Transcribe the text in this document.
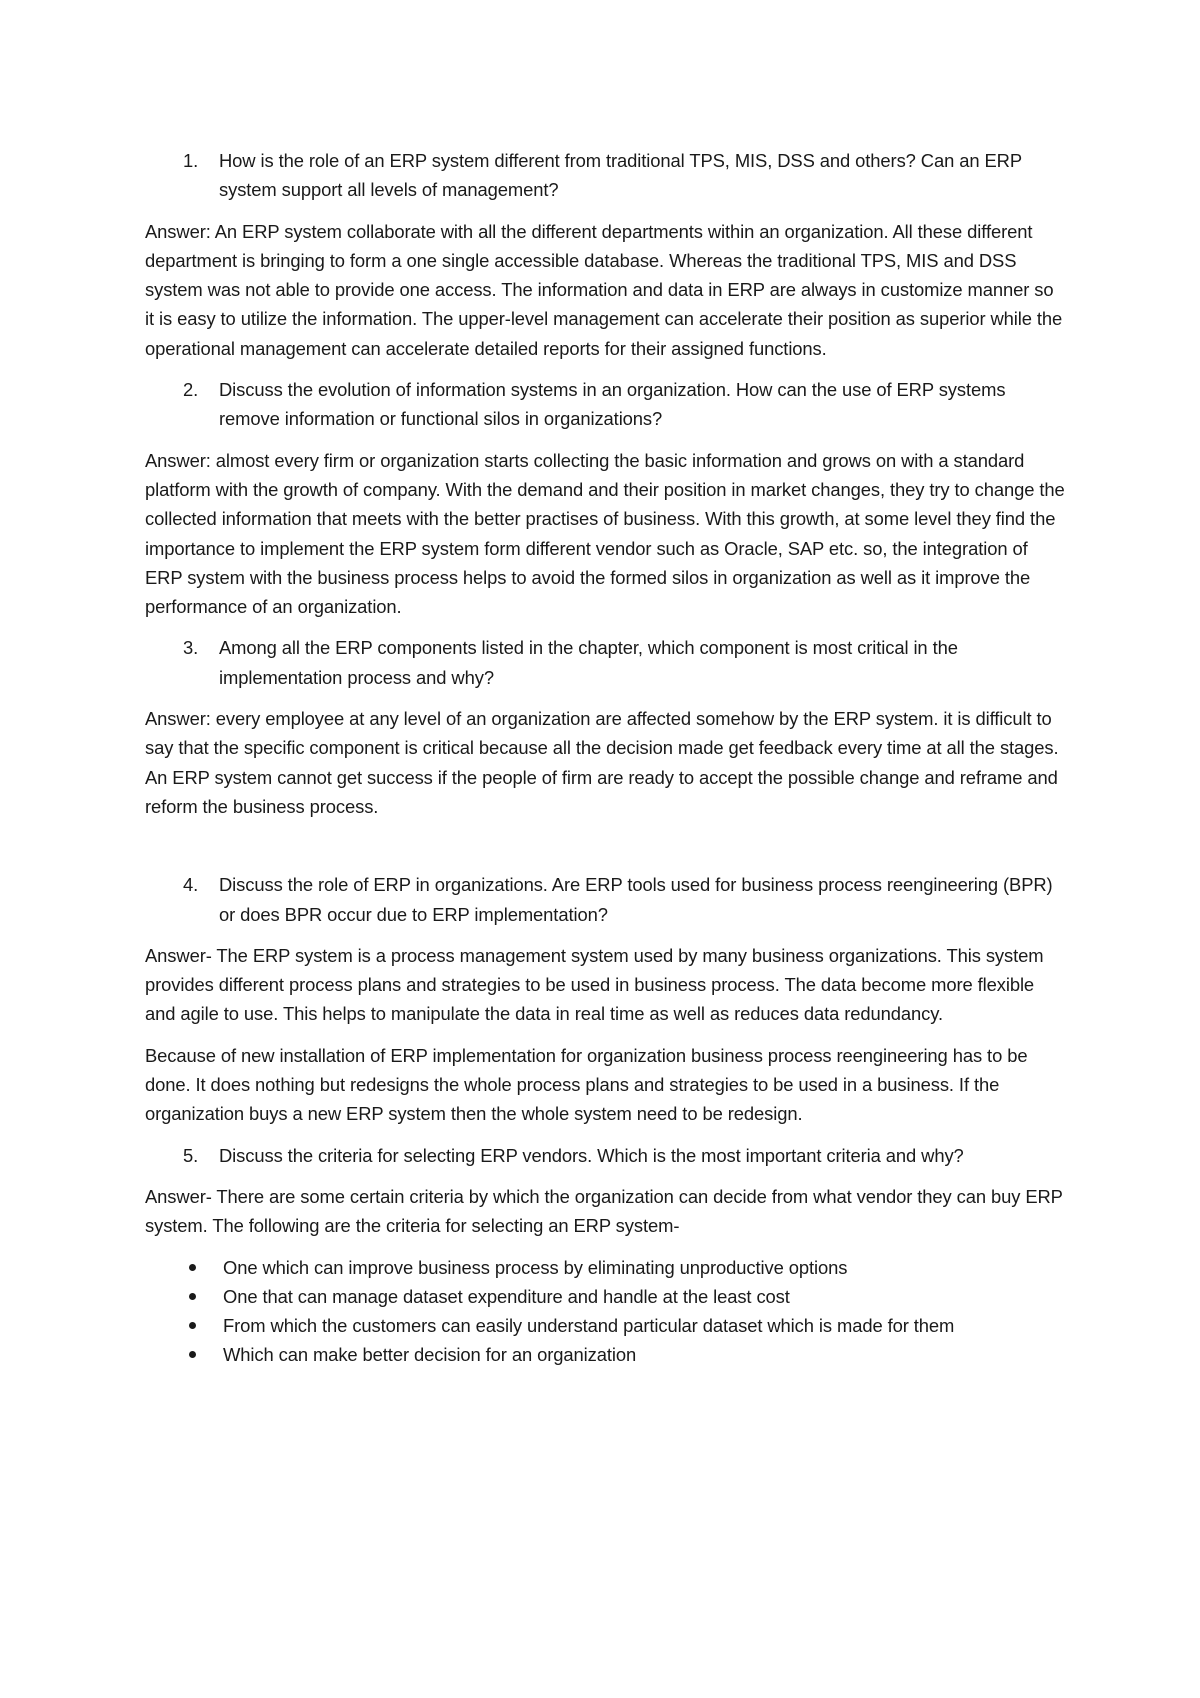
1. How is the role of an ERP system different from traditional TPS, MIS, DSS and others? Can an ERP system support all levels of management?

Answer: An ERP system collaborate with all the different departments within an organization. All these different department is bringing to form a one single accessible database. Whereas the traditional TPS, MIS and DSS system was not able to provide one access. The information and data in ERP are always in customize manner so it is easy to utilize the information. The upper-level management can accelerate their position as superior while the operational management can accelerate detailed reports for their assigned functions.

2. Discuss the evolution of information systems in an organization. How can the use of ERP systems remove information or functional silos in organizations?

Answer: almost every firm or organization starts collecting the basic information and grows on with a standard platform with the growth of company. With the demand and their position in market changes, they try to change the collected information that meets with the better practises of business. With this growth, at some level they find the importance to implement the ERP system form different vendor such as Oracle, SAP etc. so, the integration of ERP system with the business process helps to avoid the formed silos in organization as well as it improve the performance of an organization.

3. Among all the ERP components listed in the chapter, which component is most critical in the implementation process and why?

Answer: every employee at any level of an organization are affected somehow by the ERP system. it is difficult to say that the specific component is critical because all the decision made get feedback every time at all the stages. An ERP system cannot get success if the people of firm are ready to accept the possible change and reframe and reform the business process.

4. Discuss the role of ERP in organizations. Are ERP tools used for business process reengineering (BPR) or does BPR occur due to ERP implementation?

Answer- The ERP system is a process management system used by many business organizations. This system provides different process plans and strategies to be used in business process. The data become more flexible and agile to use. This helps to manipulate the data in real time as well as reduces data redundancy.

Because of new installation of ERP implementation for organization business process reengineering has to be done. It does nothing but redesigns the whole process plans and strategies to be used in a business. If the organization buys a new ERP system then the whole system need to be redesign.

5. Discuss the criteria for selecting ERP vendors. Which is the most important criteria and why?

Answer- There are some certain criteria by which the organization can decide from what vendor they can buy ERP system. The following are the criteria for selecting an ERP system-

One which can improve business process by eliminating unproductive options
One that can manage dataset expenditure and handle at the least cost
From which the customers can easily understand particular dataset which is made for them
Which can make better decision for an organization
